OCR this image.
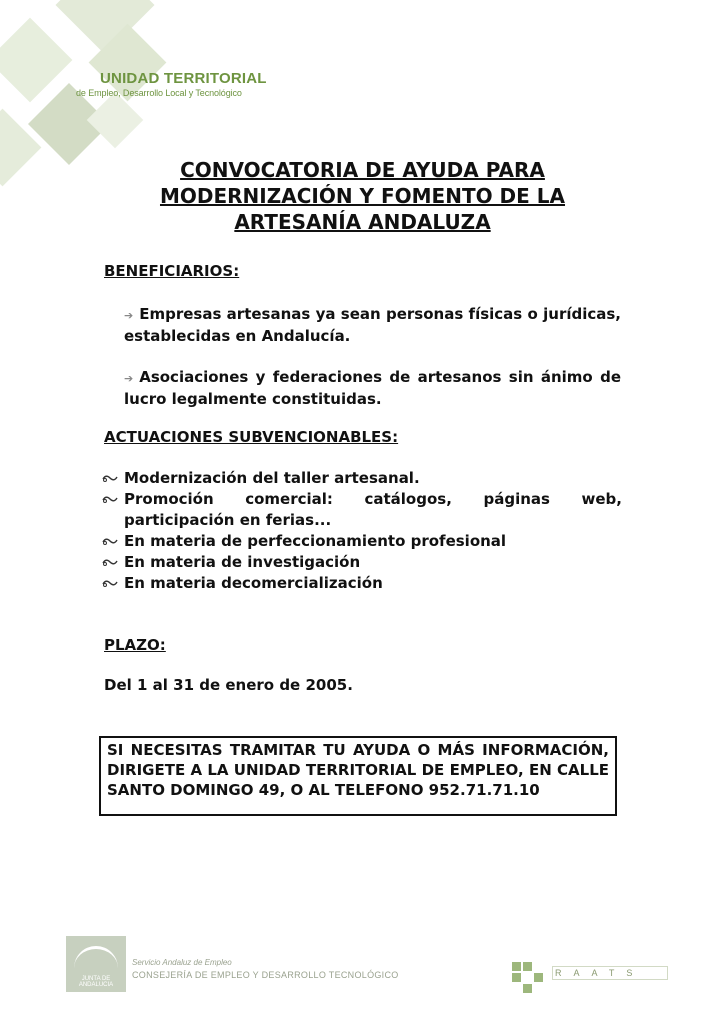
UNIDAD TERRITORIAL
de Empleo, Desarrollo Local y Tecnológico
CONVOCATORIA DE AYUDA PARA
MODERNIZACIÓN Y FOMENTO DE LA
ARTESANÍA ANDALUZA
BENEFICIARIOS:
➔ Empresas artesanas ya sean personas físicas o jurídicas, establecidas en Andalucía.
➔ Asociaciones y federaciones de artesanos sin ánimo de lucro legalmente constituidas.
ACTUACIONES SUBVENCIONABLES:
Modernización del taller artesanal.
Promoción comercial: catálogos, páginas web, participación en ferias...
En materia de perfeccionamiento profesional
En materia de investigación
En materia decomercialización
PLAZO:
Del 1 al 31 de enero de 2005.
SI NECESITAS TRAMITAR TU AYUDA O MÁS INFORMACIÓN, DIRIGETE A LA UNIDAD TERRITORIAL DE EMPLEO, EN CALLE SANTO DOMINGO 49, O AL TELEFONO 952.71.71.10
JUNTA DE ANDALUCIA
Servicio Andaluz de Empleo
CONSEJERÍA DE EMPLEO Y DESARROLLO TECNOLÓGICO	RAATS
